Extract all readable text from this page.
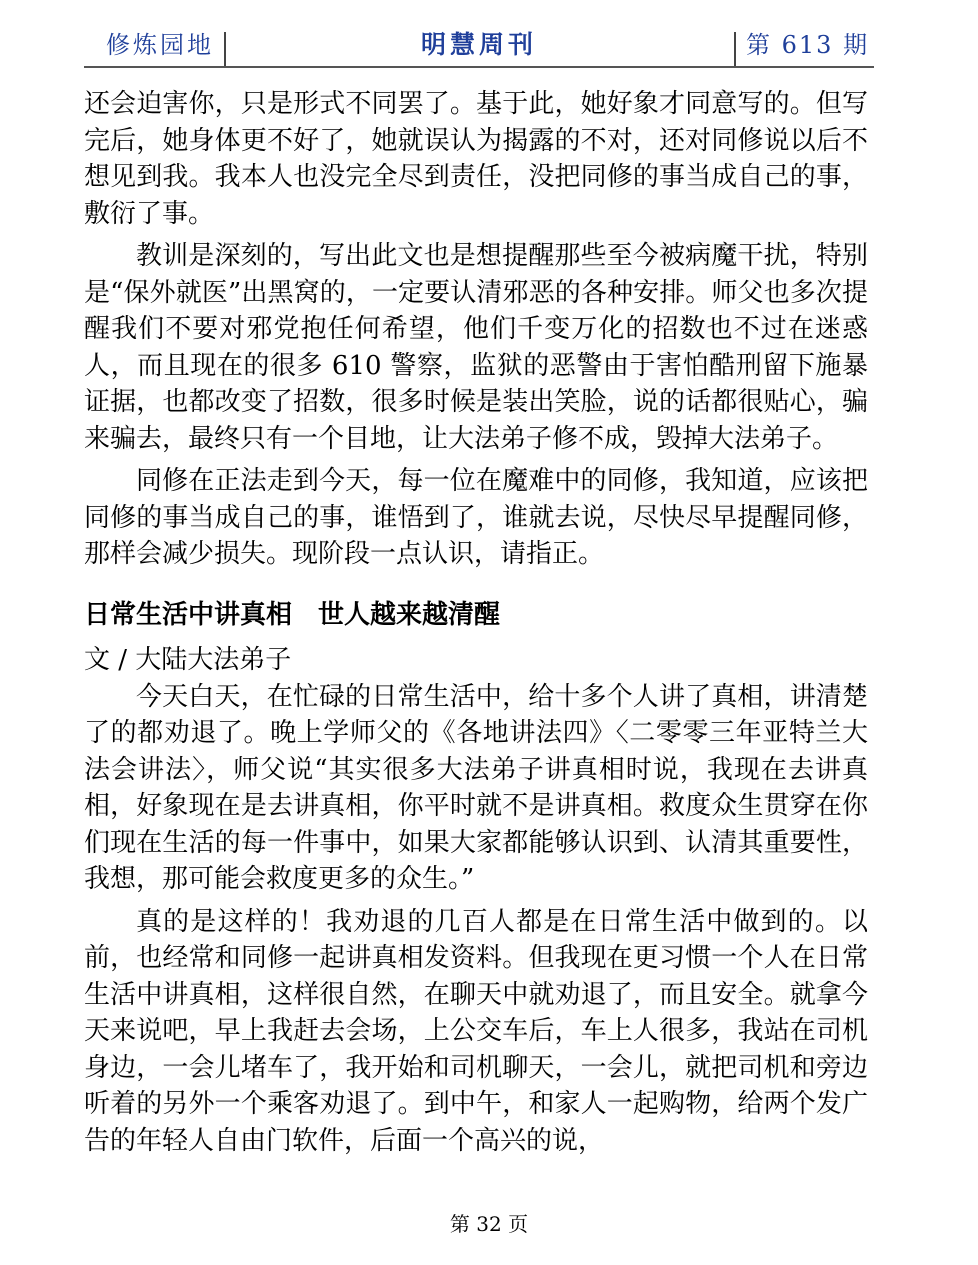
修炼园地	明慧周刊	第 613 期

还会迫害你，只是形式不同罢了。基于此，她好象才同意写的。但写完后，她身体更不好了，她就误认为揭露的不对，还对同修说以后不想见到我。我本人也没完全尽到责任，没把同修的事当成自己的事，敷衍了事。

教训是深刻的，写出此文也是想提醒那些至今被病魔干扰，特别是“保外就医”出黑窝的，一定要认清邪恶的各种安排。师父也多次提醒我们不要对邪党抱任何希望，他们千变万化的招数也不过在迷惑人，而且现在的很多 610 警察，监狱的恶警由于害怕酷刑留下施暴证据，也都改变了招数，很多时候是装出笑脸，说的话都很贴心，骗来骗去，最终只有一个目地，让大法弟子修不成，毁掉大法弟子。

同修在正法走到今天，每一位在魔难中的同修，我知道，应该把同修的事当成自己的事，谁悟到了，谁就去说，尽快尽早提醒同修，那样会减少损失。现阶段一点认识，请指正。

日常生活中讲真相　世人越来越清醒

文 / 大陆大法弟子

今天白天，在忙碌的日常生活中，给十多个人讲了真相，讲清楚了的都劝退了。晚上学师父的《各地讲法四》〈二零零三年亚特兰大法会讲法〉，师父说“其实很多大法弟子讲真相时说，我现在去讲真相，好象现在是去讲真相，你平时就不是讲真相。救度众生贯穿在你们现在生活的每一件事中，如果大家都能够认识到、认清其重要性，我想，那可能会救度更多的众生。”

真的是这样的！我劝退的几百人都是在日常生活中做到的。以前，也经常和同修一起讲真相发资料。但我现在更习惯一个人在日常生活中讲真相，这样很自然，在聊天中就劝退了，而且安全。就拿今天来说吧，早上我赶去会场，上公交车后，车上人很多，我站在司机身边，一会儿堵车了，我开始和司机聊天，一会儿，就把司机和旁边听着的另外一个乘客劝退了。到中午，和家人一起购物，给两个发广告的年轻人自由门软件，后面一个高兴的说，

第 32 页
